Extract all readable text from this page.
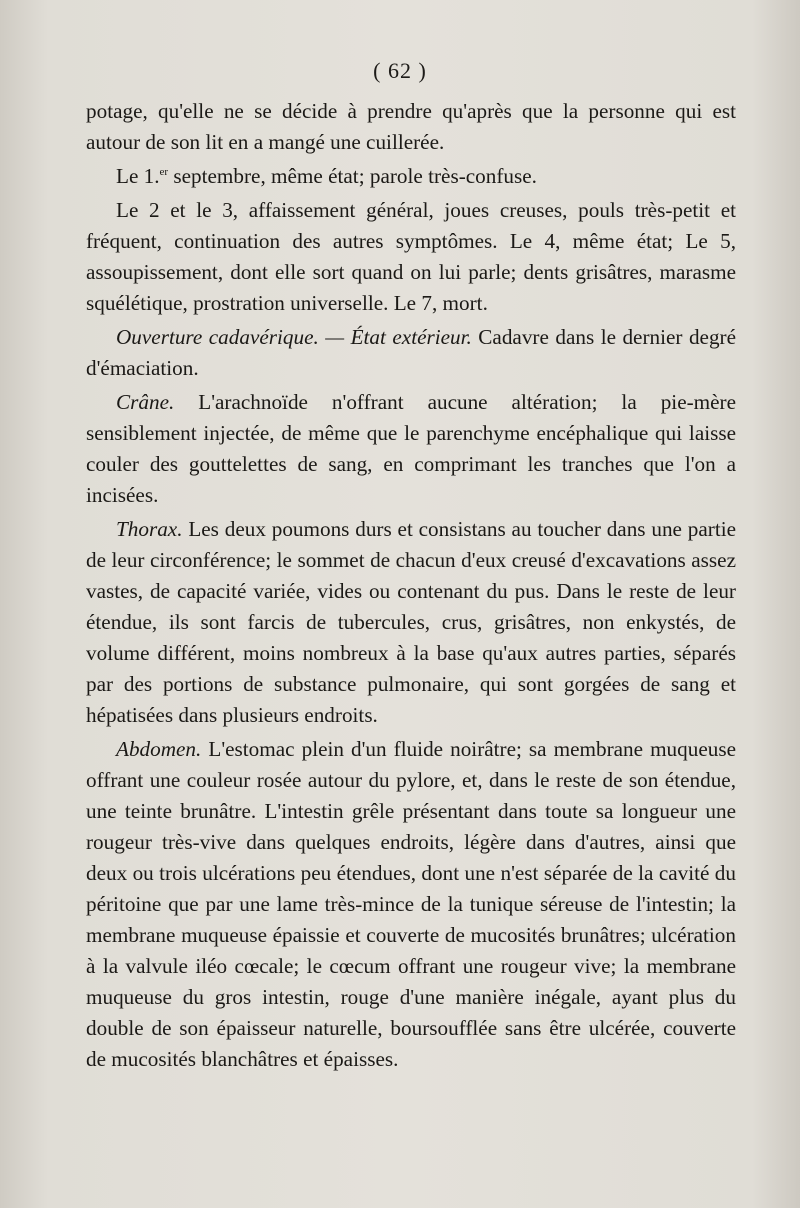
( 62 )

potage, qu'elle ne se décide à prendre qu'après que la personne qui est autour de son lit en a mangé une cuillerée.

Le 1.$^{er}$ septembre, même état; parole très-confuse.

Le 2 et le 3, affaissement général, joues creuses, pouls très-petit et fréquent, continuation des autres symptômes. Le 4, même état; Le 5, assoupissement, dont elle sort quand on lui parle; dents grisâtres, marasme squélétique, prostration universelle. Le 7, mort.

Ouverture cadavérique. — État extérieur. Cadavre dans le dernier degré d'émaciation.

Crâne. L'arachnoïde n'offrant aucune altération; la pie-mère sensiblement injectée, de même que le parenchyme encéphalique qui laisse couler des gouttelettes de sang, en comprimant les tranches que l'on a incisées.

Thorax. Les deux poumons durs et consistans au toucher dans une partie de leur circonférence; le sommet de chacun d'eux creusé d'excavations assez vastes, de capacité variée, vides ou contenant du pus. Dans le reste de leur étendue, ils sont farcis de tubercules, crus, grisâtres, non enkystés, de volume différent, moins nombreux à la base qu'aux autres parties, séparés par des portions de substance pulmonaire, qui sont gorgées de sang et hépatisées dans plusieurs endroits.

Abdomen. L'estomac plein d'un fluide noirâtre; sa membrane muqueuse offrant une couleur rosée autour du pylore, et, dans le reste de son étendue, une teinte brunâtre. L'intestin grêle présentant dans toute sa longueur une rougeur très-vive dans quelques endroits, légère dans d'autres, ainsi que deux ou trois ulcérations peu étendues, dont une n'est séparée de la cavité du péritoine que par une lame très-mince de la tunique séreuse de l'intestin; la membrane muqueuse épaissie et couverte de mucosités brunâtres; ulcération à la valvule iléo cœcale; le cœcum offrant une rougeur vive; la membrane muqueuse du gros intestin, rouge d'une manière inégale, ayant plus du double de son épaisseur naturelle, boursoufflée sans être ulcérée, couverte de mucosités blanchâtres et épaisses.
